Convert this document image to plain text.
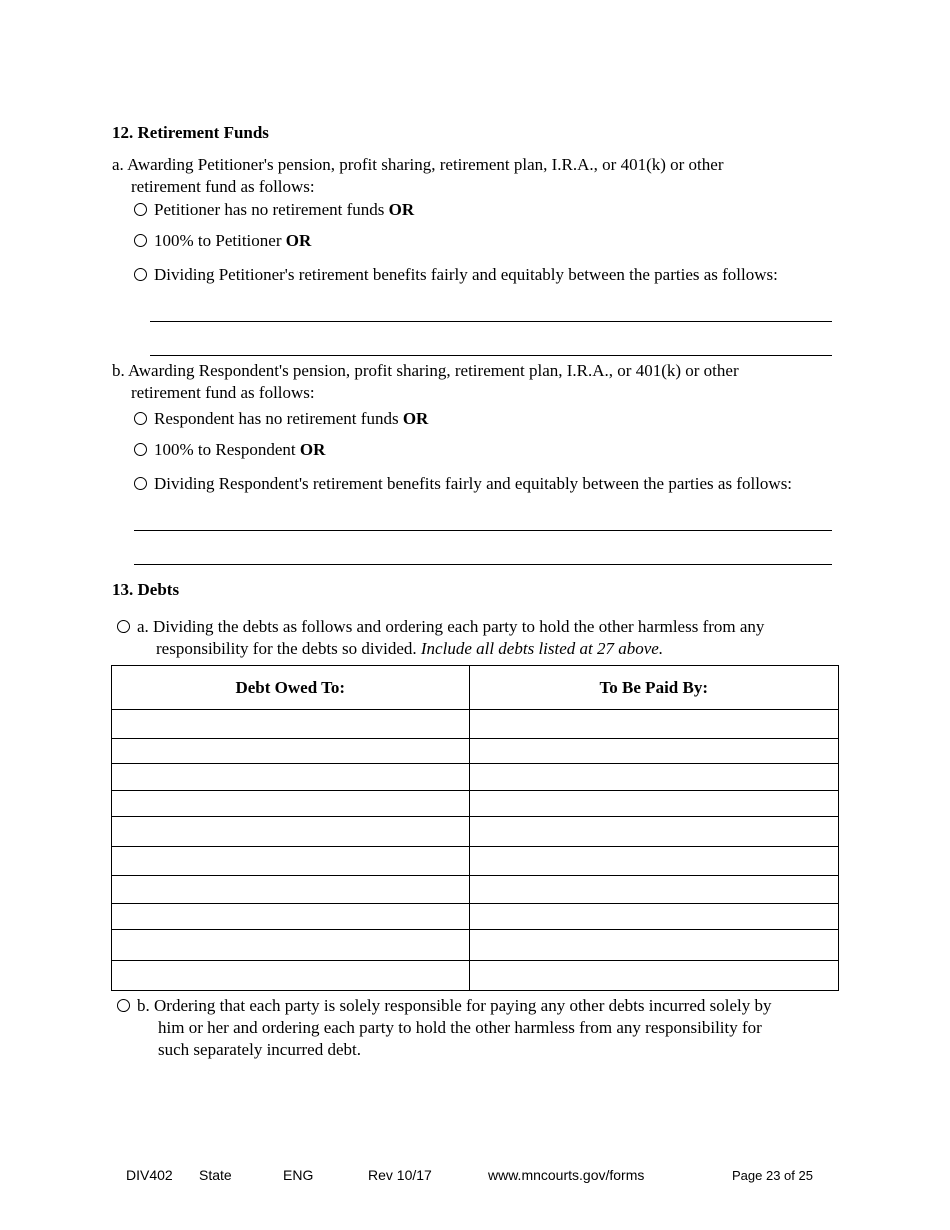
12. Retirement Funds
a. Awarding Petitioner's pension, profit sharing, retirement plan, I.R.A., or 401(k) or other
retirement fund as follows:
Petitioner has no retirement funds OR
100% to Petitioner OR
Dividing Petitioner's retirement benefits fairly and equitably between the parties as follows:
b. Awarding Respondent's pension, profit sharing, retirement plan, I.R.A., or 401(k) or other
retirement fund as follows:
Respondent has no retirement funds OR
100% to Respondent OR
Dividing Respondent's retirement benefits fairly and equitably between the parties as follows:
13. Debts
a. Dividing the debts as follows and ordering each party to hold the other harmless from any
responsibility for the debts so divided. Include all debts listed at 27 above.
Debt Owed To:	To Be Paid By:

b. Ordering that each party is solely responsible for paying any other debts incurred solely by
him or her and ordering each party to hold the other harmless from any responsibility for
such separately incurred debt.
DIV402 State	ENG	Rev 10/17	www.mncourts.gov/forms	Page 23 of 25
